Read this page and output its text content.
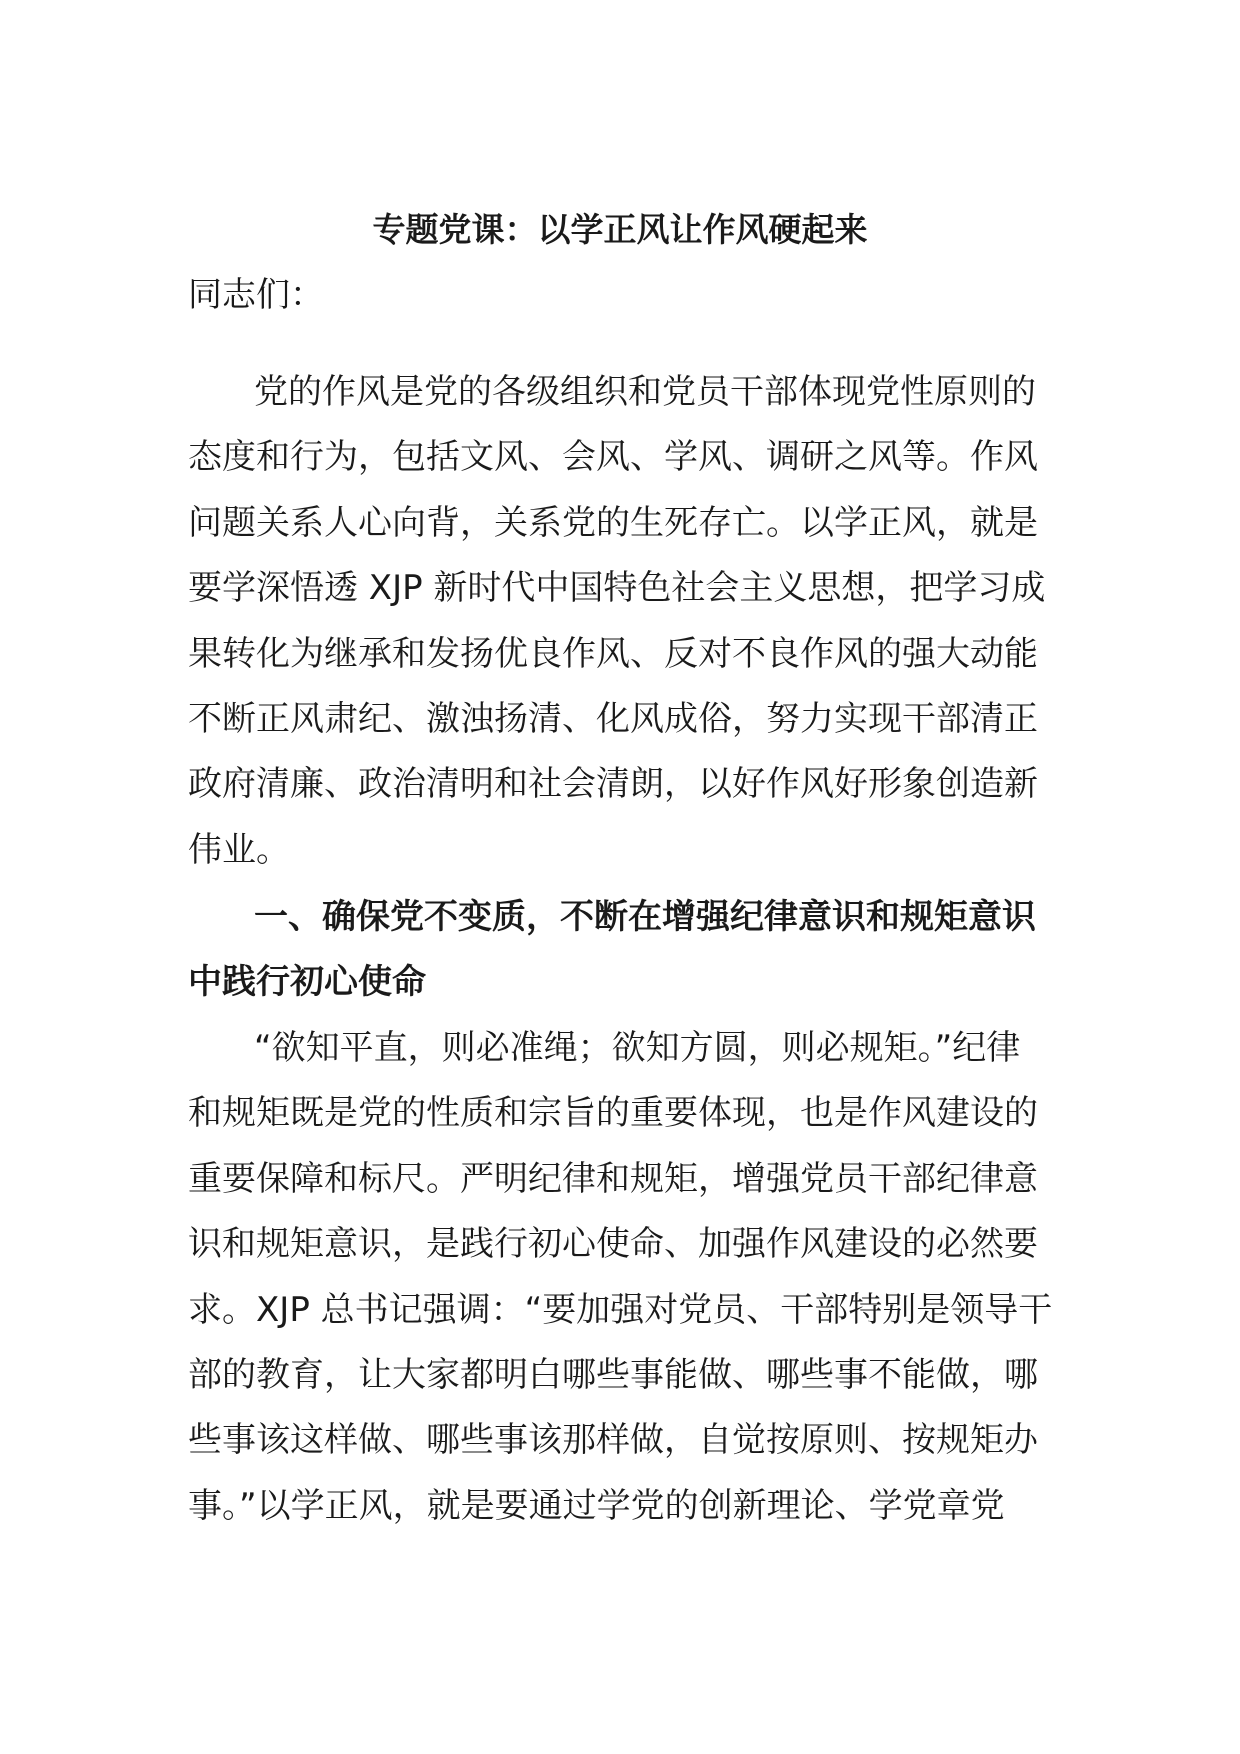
专题党课：以学正风让作风硬起来
同志们：
党的作风是党的各级组织和党员干部体现党性原则的
态度和行为，包括文风、会风、学风、调研之风等。作风
问题关系人心向背，关系党的生死存亡。以学正风，就是
要学深悟透 XJP 新时代中国特色社会主义思想，把学习成
果转化为继承和发扬优良作风、反对不良作风的强大动能
不断正风肃纪、激浊扬清、化风成俗，努力实现干部清正
政府清廉、政治清明和社会清朗，以好作风好形象创造新
伟业。
一、确保党不变质，不断在增强纪律意识和规矩意识
中践行初心使命
“欲知平直，则必准绳；欲知方圆，则必规矩。”纪律
和规矩既是党的性质和宗旨的重要体现，也是作风建设的
重要保障和标尺。严明纪律和规矩，增强党员干部纪律意
识和规矩意识，是践行初心使命、加强作风建设的必然要
求。XJP 总书记强调：“要加强对党员、干部特别是领导干
部的教育，让大家都明白哪些事能做、哪些事不能做，哪
些事该这样做、哪些事该那样做，自觉按原则、按规矩办
事。”以学正风，就是要通过学党的创新理论、学党章党
